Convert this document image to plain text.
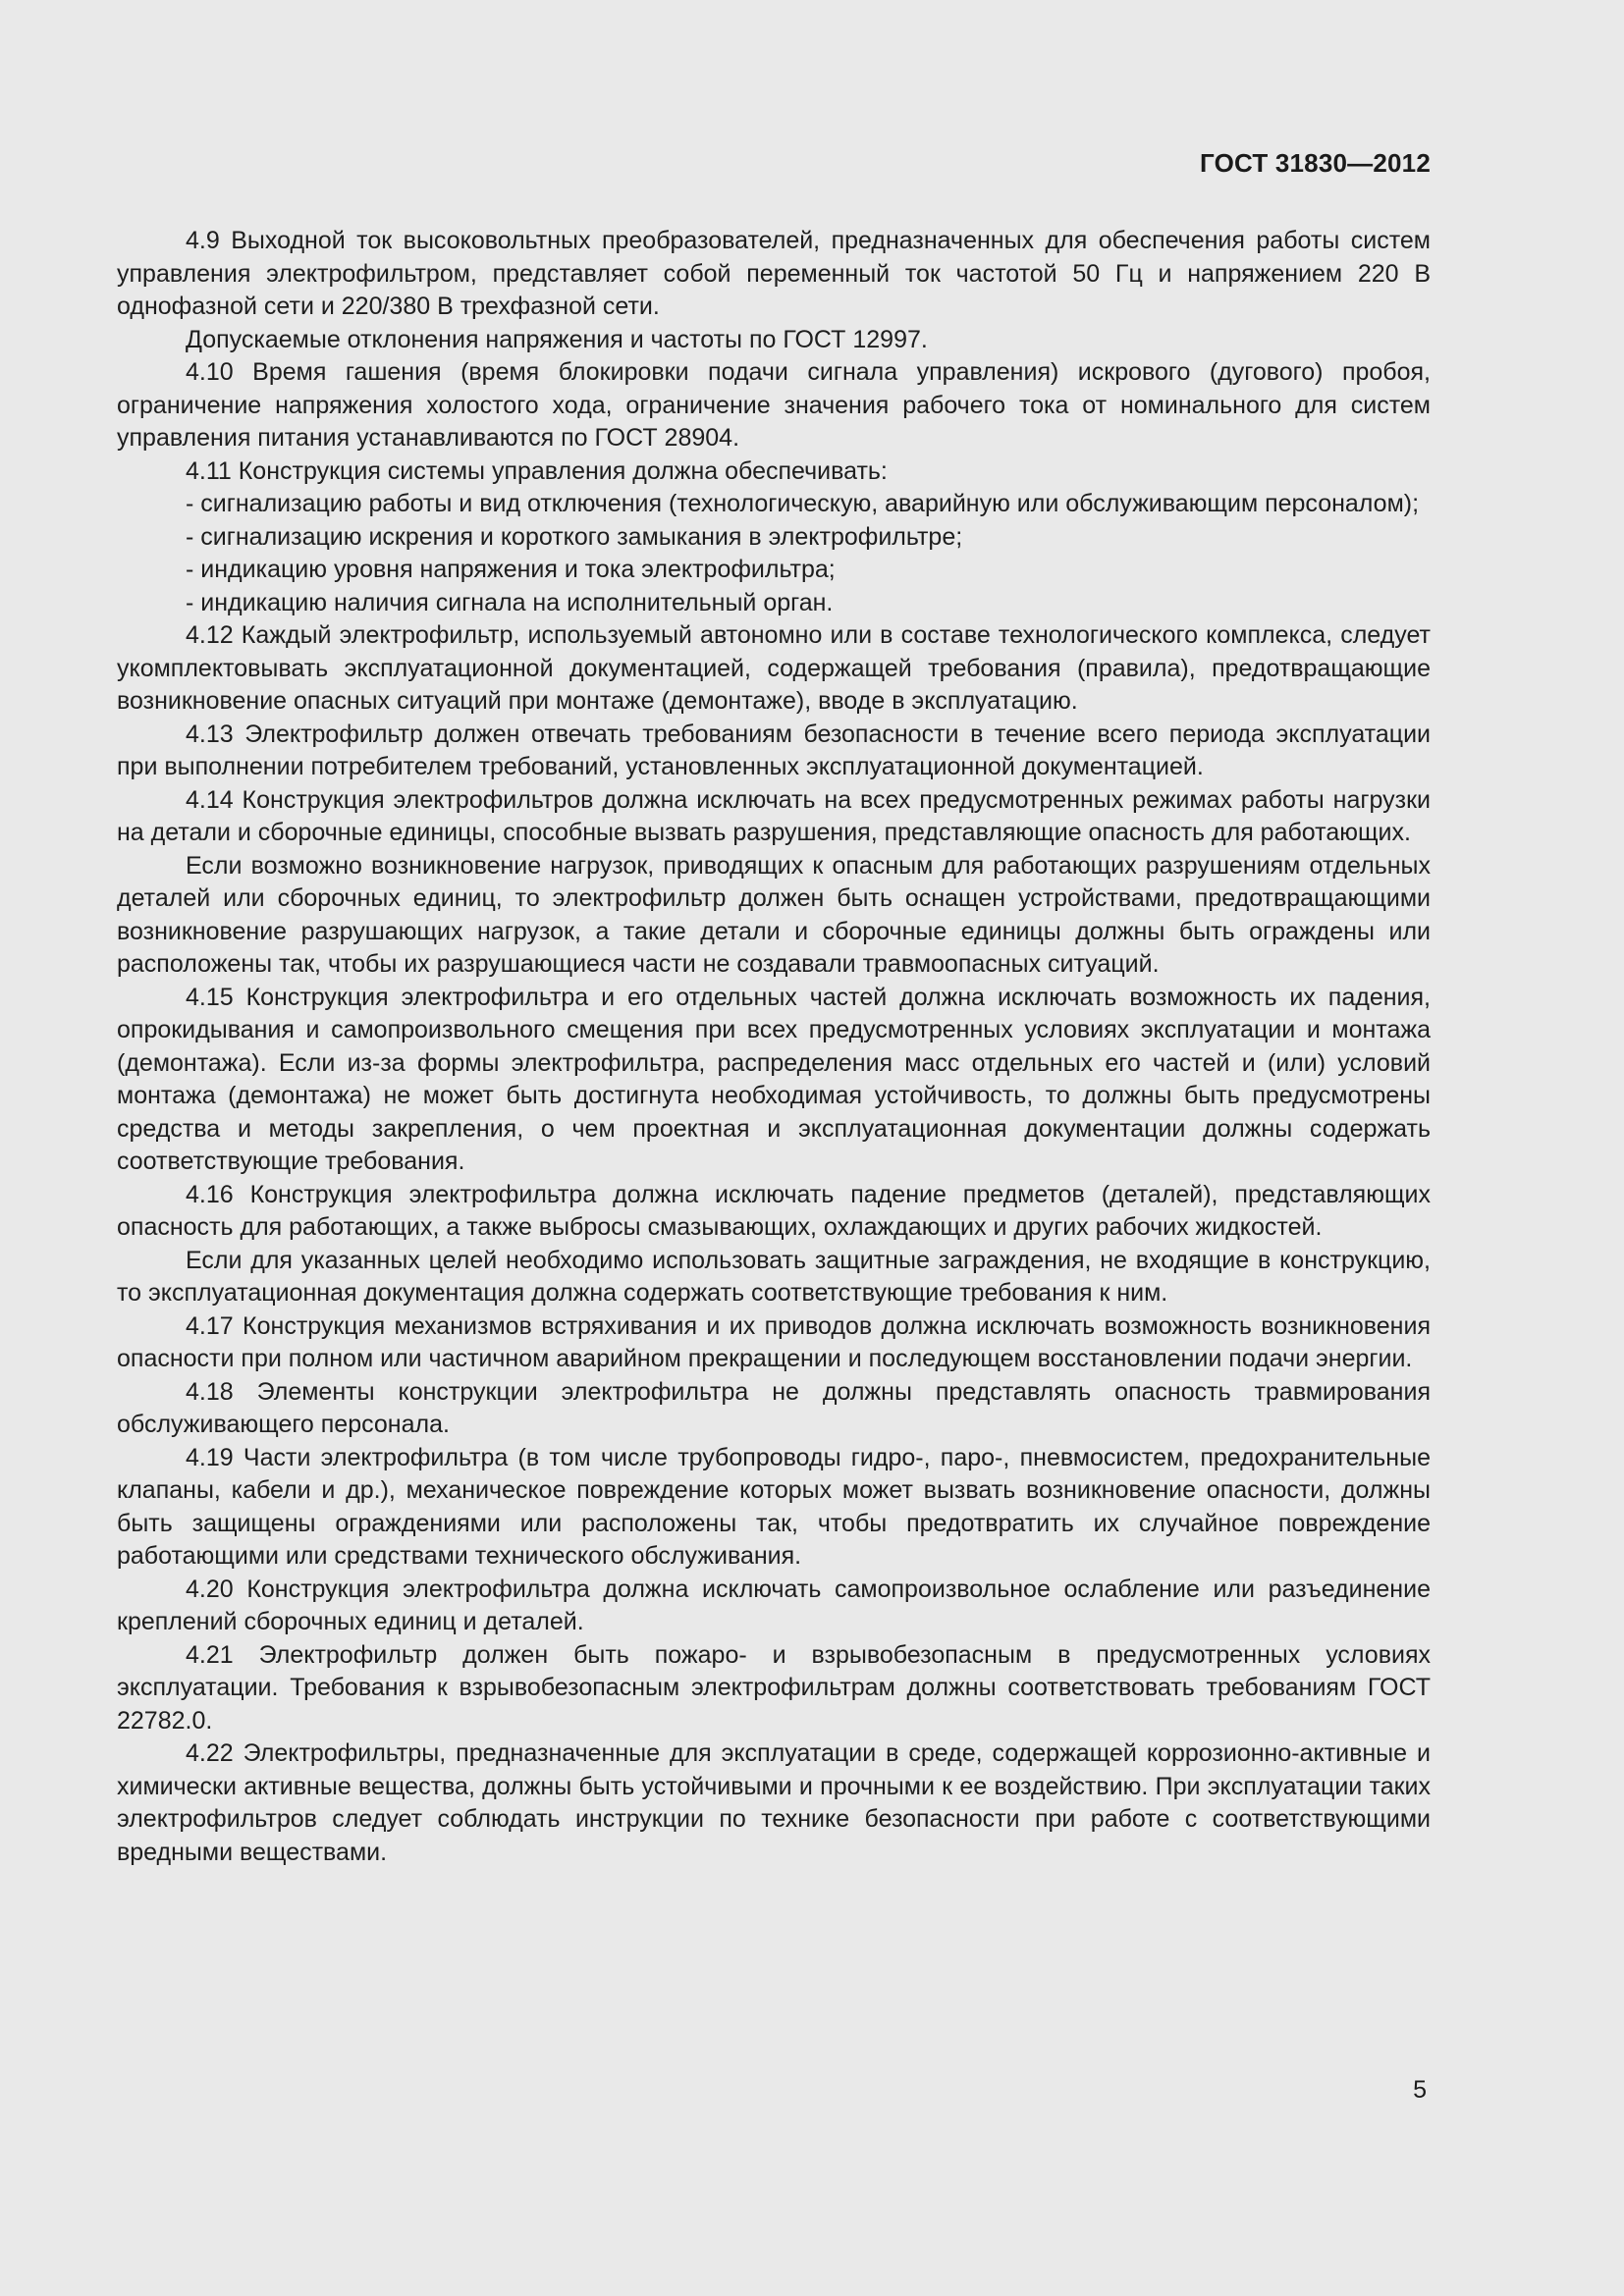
ГОСТ 31830—2012

4.9 Выходной ток высоковольтных преобразователей, предназначенных для обеспечения работы систем управления электрофильтром, представляет собой переменный ток частотой 50 Гц и напряжением 220 В однофазной сети и 220/380 В трехфазной сети.

Допускаемые отклонения напряжения и частоты по ГОСТ 12997.

4.10 Время гашения (время блокировки подачи сигнала управления) искрового (дугового) пробоя, ограничение напряжения холостого хода, ограничение значения рабочего тока от номинального для систем управления питания устанавливаются по ГОСТ 28904.

4.11 Конструкция системы управления должна обеспечивать:

- сигнализацию работы и вид отключения (технологическую, аварийную или обслуживающим персоналом);

- сигнализацию искрения и короткого замыкания в электрофильтре;

- индикацию уровня напряжения и тока электрофильтра;

- индикацию наличия сигнала на исполнительный орган.

4.12 Каждый электрофильтр, используемый автономно или в составе технологического комплекса, следует укомплектовывать эксплуатационной документацией, содержащей требования (правила), предотвращающие возникновение опасных ситуаций при монтаже (демонтаже), вводе в эксплуатацию.

4.13 Электрофильтр должен отвечать требованиям безопасности в течение всего периода эксплуатации при выполнении потребителем требований, установленных эксплуатационной документацией.

4.14 Конструкция электрофильтров должна исключать на всех предусмотренных режимах работы нагрузки на детали и сборочные единицы, способные вызвать разрушения, представляющие опасность для работающих.

Если возможно возникновение нагрузок, приводящих к опасным для работающих разрушениям отдельных деталей или сборочных единиц, то электрофильтр должен быть оснащен устройствами, предотвращающими возникновение разрушающих нагрузок, а такие детали и сборочные единицы должны быть ограждены или расположены так, чтобы их разрушающиеся части не создавали травмоопасных ситуаций.

4.15 Конструкция электрофильтра и его отдельных частей должна исключать возможность их падения, опрокидывания и самопроизвольного смещения при всех предусмотренных условиях эксплуатации и монтажа (демонтажа). Если из-за формы электрофильтра, распределения масс отдельных его частей и (или) условий монтажа (демонтажа) не может быть достигнута необходимая устойчивость, то должны быть предусмотрены средства и методы закрепления, о чем проектная и эксплуатационная документации должны содержать соответствующие требования.

4.16 Конструкция электрофильтра должна исключать падение предметов (деталей), представляющих опасность для работающих, а также выбросы смазывающих, охлаждающих и других рабочих жидкостей.

Если для указанных целей необходимо использовать защитные заграждения, не входящие в конструкцию, то эксплуатационная документация должна содержать соответствующие требования к ним.

4.17 Конструкция механизмов встряхивания и их приводов должна исключать возможность возникновения опасности при полном или частичном аварийном прекращении и последующем восстановлении подачи энергии.

4.18 Элементы конструкции электрофильтра не должны представлять опасность травмирования обслуживающего персонала.

4.19 Части электрофильтра (в том числе трубопроводы гидро-, паро-, пневмосистем, предохранительные клапаны, кабели и др.), механическое повреждение которых может вызвать возникновение опасности, должны быть защищены ограждениями или расположены так, чтобы предотвратить их случайное повреждение работающими или средствами технического обслуживания.

4.20 Конструкция электрофильтра должна исключать самопроизвольное ослабление или разъединение креплений сборочных единиц и деталей.

4.21 Электрофильтр должен быть пожаро- и взрывобезопасным в предусмотренных условиях эксплуатации. Требования к взрывобезопасным электрофильтрам должны соответствовать требованиям ГОСТ 22782.0.

4.22 Электрофильтры, предназначенные для эксплуатации в среде, содержащей коррозионно-активные и химически активные вещества, должны быть устойчивыми и прочными к ее воздействию. При эксплуатации таких электрофильтров следует соблюдать инструкции по технике безопасности при работе с соответствующими вредными веществами.

5
